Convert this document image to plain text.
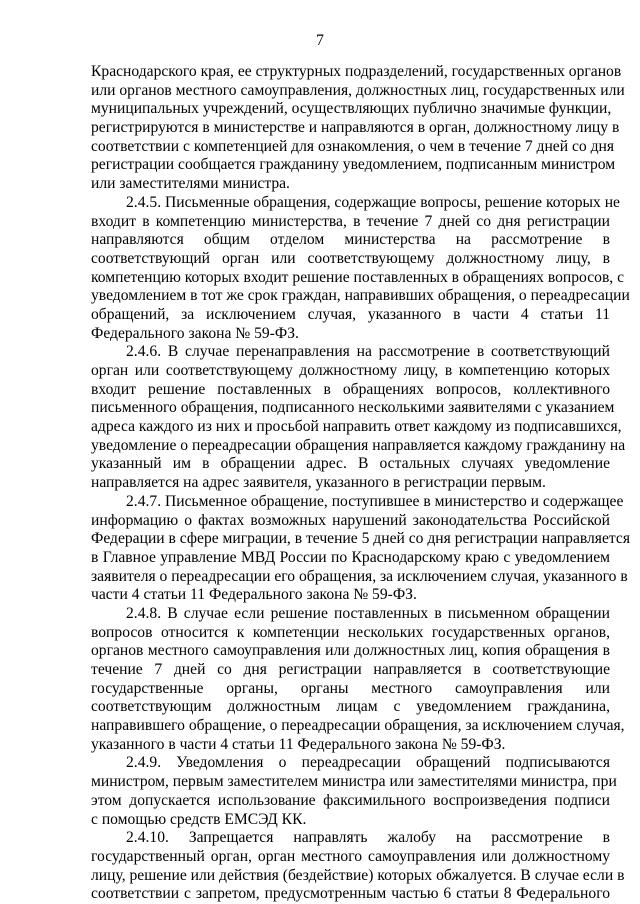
7
Краснодарского края, ее структурных подразделений, государственных органов
или органов местного самоуправления, должностных лиц, государственных или
муниципальных учреждений, осуществляющих публично значимые функции,
регистрируются в министерстве и направляются в орган, должностному лицу в
соответствии с компетенцией для ознакомления, о чем в течение 7 дней со дня
регистрации сообщается гражданину уведомлением, подписанным министром
или заместителями министра.
2.4.5. Письменные обращения, содержащие вопросы, решение которых не
входит в компетенцию министерства, в течение 7 дней со дня регистрации
направляются общим отделом министерства на рассмотрение в
соответствующий орган или соответствующему должностному лицу, в
компетенцию которых входит решение поставленных в обращениях вопросов, с
уведомлением в тот же срок граждан, направивших обращения, о переадресации
обращений, за исключением случая, указанного в части 4 статьи 11
Федерального закона № 59-ФЗ.
2.4.6. В случае перенаправления на рассмотрение в соответствующий
орган или соответствующему должностному лицу, в компетенцию которых
входит решение поставленных в обращениях вопросов, коллективного
письменного обращения, подписанного несколькими заявителями с указанием
адреса каждого из них и просьбой направить ответ каждому из подписавшихся,
уведомление о переадресации обращения направляется каждому гражданину на
указанный им в обращении адрес. В остальных случаях уведомление
направляется на адрес заявителя, указанного в регистрации первым.
2.4.7. Письменное обращение, поступившее в министерство и содержащее
информацию о фактах возможных нарушений законодательства Российской
Федерации в сфере миграции, в течение 5 дней со дня регистрации направляется
в Главное управление МВД России по Краснодарскому краю с уведомлением
заявителя о переадресации его обращения, за исключением случая, указанного в
части 4 статьи 11 Федерального закона № 59-ФЗ.
2.4.8. В случае если решение поставленных в письменном обращении
вопросов относится к компетенции нескольких государственных органов,
органов местного самоуправления или должностных лиц, копия обращения в
течение 7 дней со дня регистрации направляется в соответствующие
государственные органы, органы местного самоуправления или
соответствующим должностным лицам с уведомлением гражданина,
направившего обращение, о переадресации обращения, за исключением случая,
указанного в части 4 статьи 11 Федерального закона № 59-ФЗ.
2.4.9. Уведомления о переадресации обращений подписываются
министром, первым заместителем министра или заместителями министра, при
этом допускается использование факсимильного воспроизведения подписи
с помощью средств ЕМСЭД КК.
2.4.10. Запрещается направлять жалобу на рассмотрение в
государственный орган, орган местного самоуправления или должностному
лицу, решение или действия (бездействие) которых обжалуется. В случае если в
соответствии с запретом, предусмотренным частью 6 статьи 8 Федерального
